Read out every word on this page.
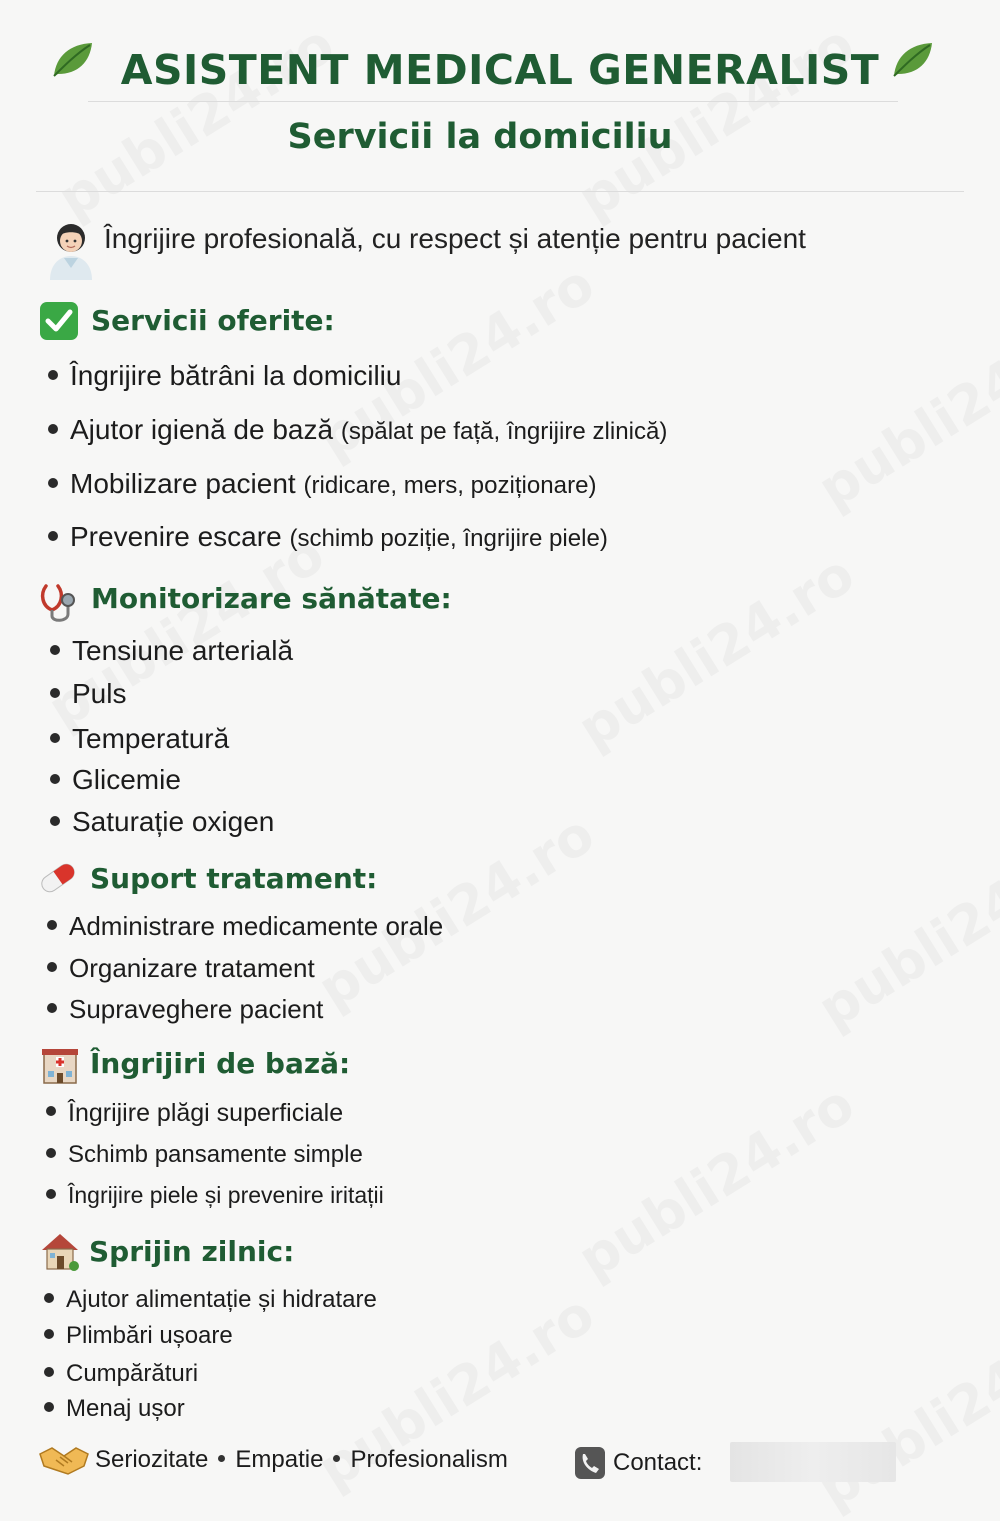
ASISTENT MEDICAL GENERALIST
Servicii la domiciliu
Îngrijire profesională, cu respect și atenție pentru pacient
Servicii oferite:
Îngrijire bătrâni la domiciliu
Ajutor igienă de bază (spălat pe față, îngrijire zlinică)
Mobilizare pacient (ridicare, mers, poziționare)
Prevenire escare (schimb poziție, îngrijire piele)
Monitorizare sănătate:
Tensiune arterială
Puls
Temperatură
Glicemie
Saturație oxigen
Suport tratament:
Administrare medicamente orale
Organizare tratament
Supraveghere pacient
Îngrijiri de bază:
Îngrijire plăgi superficiale
Schimb pansamente simple
Îngrijire piele și prevenire iritații
Sprijin zilnic:
Ajutor alimentație și hidratare
Plimbări ușoare
Cumpărături
Menaj ușor
Seriozitate Empatie Profesionalism	Contact:
